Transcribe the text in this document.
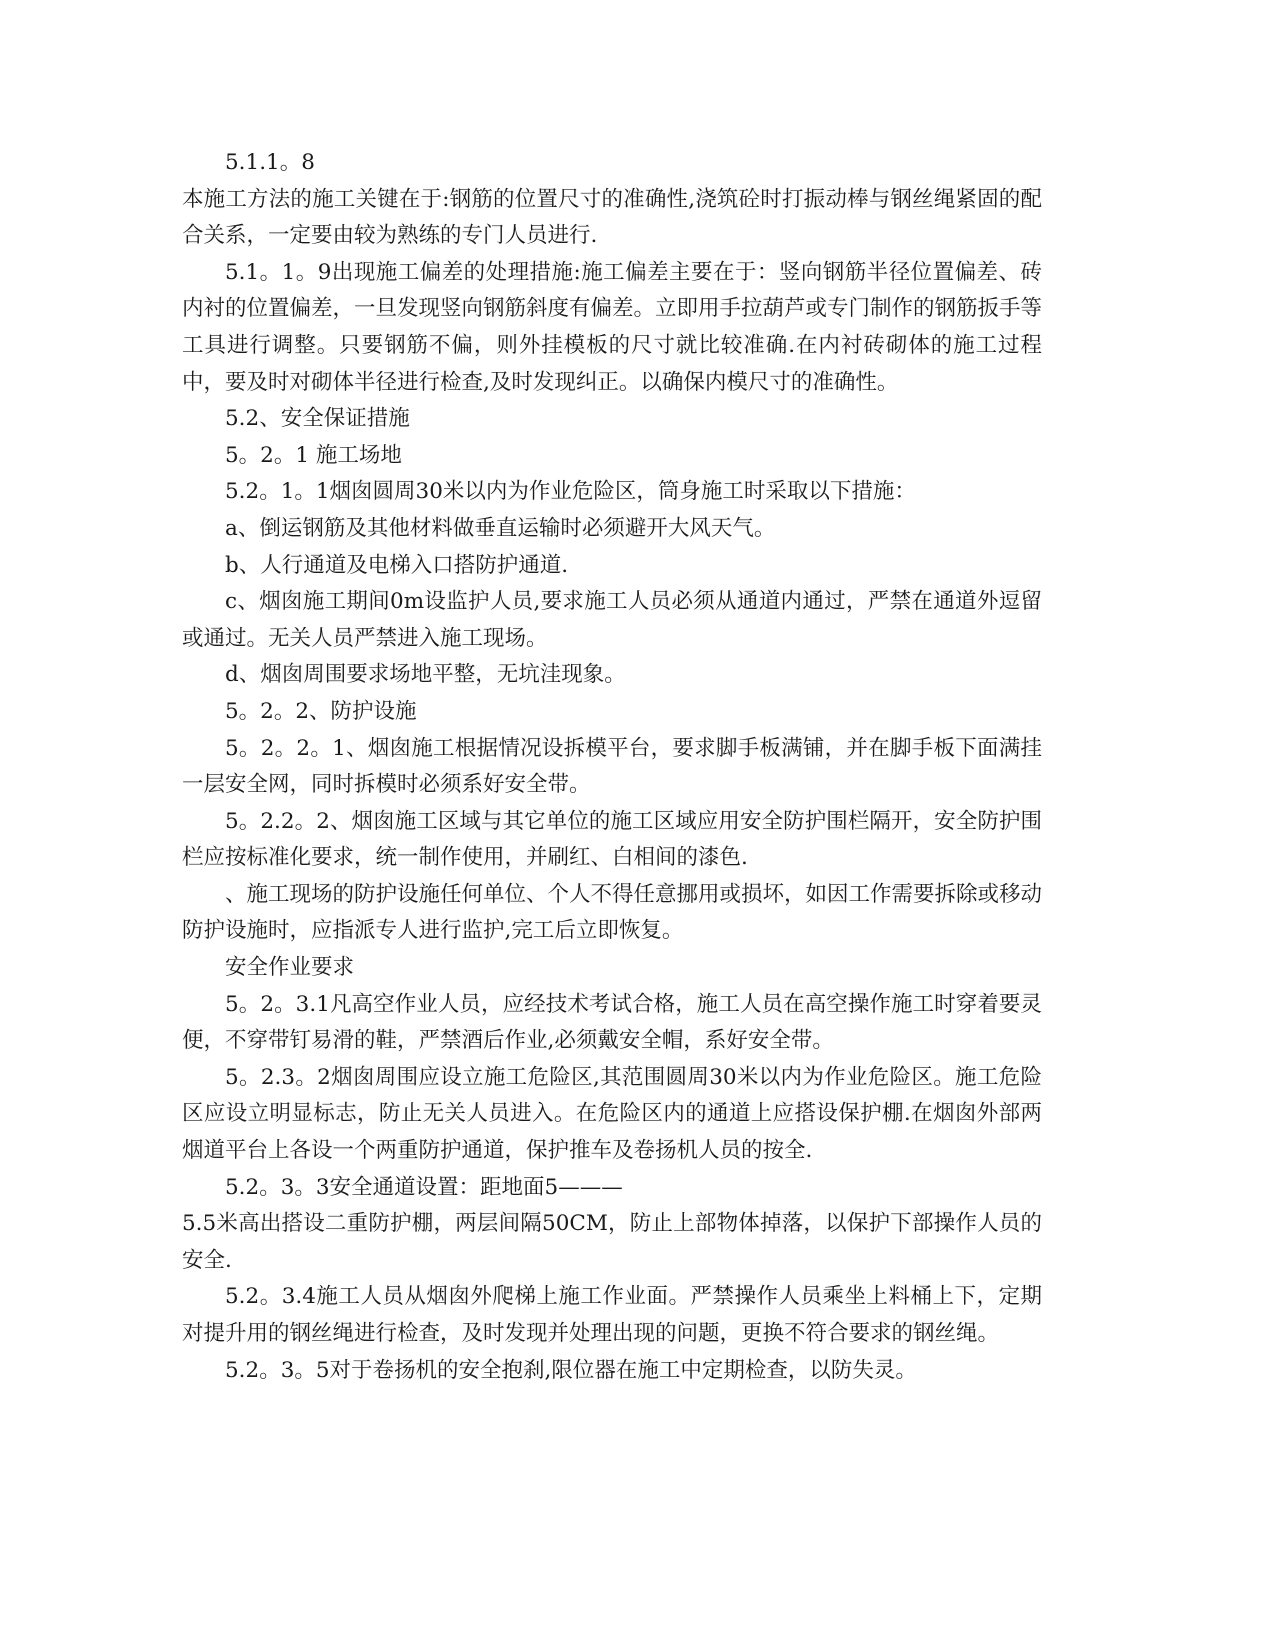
5.1.1。8

本施工方法的施工关键在于:钢筋的位置尺寸的准确性,浇筑砼时打振动棒与钢丝绳紧固的配合关系，一定要由较为熟练的专门人员进行.

5.1。1。9出现施工偏差的处理措施:施工偏差主要在于：竖向钢筋半径位置偏差、砖内衬的位置偏差，一旦发现竖向钢筋斜度有偏差。立即用手拉葫芦或专门制作的钢筋扳手等工具进行调整。只要钢筋不偏，则外挂模板的尺寸就比较准确.在内衬砖砌体的施工过程中，要及时对砌体半径进行检查,及时发现纠正。以确保内模尺寸的准确性。

5.2、安全保证措施

5。2。1 施工场地

5.2。1。1烟囱圆周30米以内为作业危险区，筒身施工时采取以下措施：

a、倒运钢筋及其他材料做垂直运输时必须避开大风天气。

b、人行通道及电梯入口搭防护通道.

c、烟囱施工期间0m设监护人员,要求施工人员必须从通道内通过，严禁在通道外逗留或通过。无关人员严禁进入施工现场。

d、烟囱周围要求场地平整，无坑洼现象。

5。2。2、防护设施

5。2。2。1、烟囱施工根据情况设拆模平台，要求脚手板满铺，并在脚手板下面满挂一层安全网，同时拆模时必须系好安全带。

5。2.2。2、烟囱施工区域与其它单位的施工区域应用安全防护围栏隔开，安全防护围栏应按标准化要求，统一制作使用，并刷红、白相间的漆色.

、施工现场的防护设施任何单位、个人不得任意挪用或损坏，如因工作需要拆除或移动防护设施时，应指派专人进行监护,完工后立即恢复。

安全作业要求

5。2。3.1凡高空作业人员，应经技术考试合格，施工人员在高空操作施工时穿着要灵便，不穿带钉易滑的鞋，严禁酒后作业,必须戴安全帽，系好安全带。

5。2.3。2烟囱周围应设立施工危险区,其范围圆周30米以内为作业危险区。施工危险区应设立明显标志，防止无关人员进入。在危险区内的通道上应搭设保护棚.在烟囱外部两烟道平台上各设一个两重防护通道，保护推车及卷扬机人员的按全.

5.2。3。3安全通道设置：距地面5———

5.5米高出搭设二重防护棚，两层间隔50CM，防止上部物体掉落，以保护下部操作人员的安全.

5.2。3.4施工人员从烟囱外爬梯上施工作业面。严禁操作人员乘坐上料桶上下，定期对提升用的钢丝绳进行检查，及时发现并处理出现的问题，更换不符合要求的钢丝绳。

5.2。3。5对于卷扬机的安全抱刹,限位器在施工中定期检查，以防失灵。
